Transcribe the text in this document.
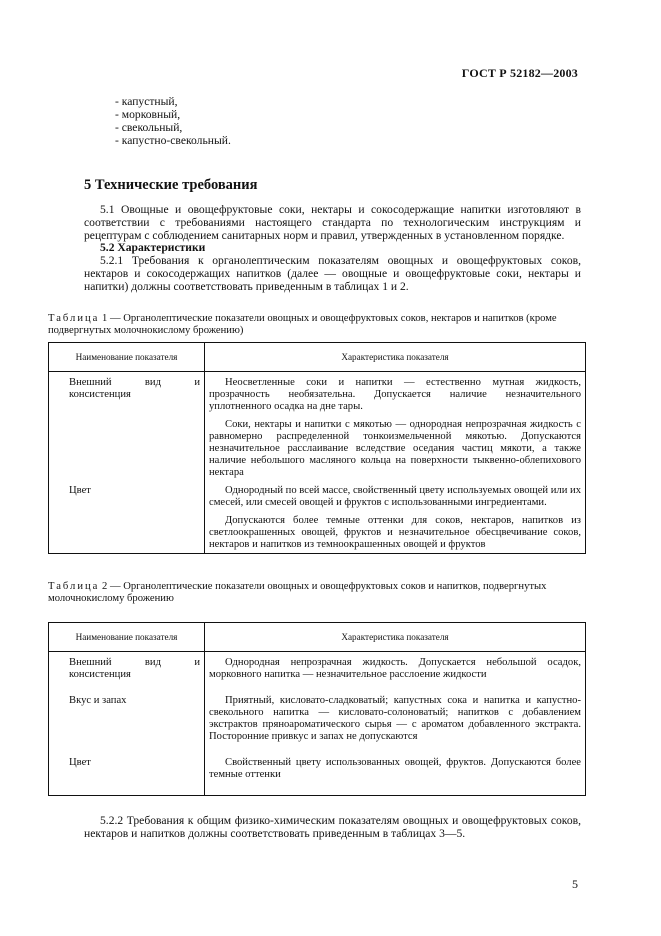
ГОСТ Р 52182—2003
- капустный,
- морковный,
- свекольный,
- капустно-свекольный.
5 Технические требования

5.1 Овощные и овощефруктовые соки, нектары и сокосодержащие напитки изготовляют в соответствии с требованиями настоящего стандарта по технологическим инструкциям и рецептурам с соблюдением санитарных норм и правил, утвержденных в установленном порядке.

5.2 Характеристики

5.2.1 Требования к органолептическим показателям овощных и овощефруктовых соков, нектаров и сокосодержащих напитков (далее — овощные и овощефруктовые соки, нектары и напитки) должны соответствовать приведенным в таблицах 1 и 2.

Таблица 1 — Органолептические показатели овощных и овощефруктовых соков, нектаров и напитков (кроме подвергнутых молочнокислому брожению)

Наименование показателя	Характеристика показателя

Внешний вид и консистенция	Неосветленные соки и напитки — естественно мутная жидкость, прозрачность необязательна. Допускается наличие незначительного уплотненного осадка на дне тары.

Соки, нектары и напитки с мякотью — однородная непрозрачная жидкость с равномерно распределенной тонкоизмельченной мякотью. Допускаются незначительное расслаивание вследствие оседания частиц мякоти, а также наличие небольшого масляного кольца на поверхности тыквенно-облепихового нектара

Цвет	Однородный по всей массе, свойственный цвету используемых овощей или их смесей, или смесей овощей и фруктов с использованными ингредиентами.

Допускаются более темные оттенки для соков, нектаров, напитков из светлоокрашенных овощей, фруктов и незначительное обесцвечивание соков, нектаров и напитков из темноокрашенных овощей и фруктов

Таблица 2 — Органолептические показатели овощных и овощефруктовых соков и напитков, подвергнутых молочнокислому брожению

Наименование показателя	Характеристика показателя

Внешний вид и консистенция	Однородная непрозрачная жидкость. Допускается небольшой осадок, морковного напитка — незначительное расслоение жидкости

Вкус и запах	Приятный, кисловато-сладковатый; капустных сока и напитка и капустно-свекольного напитка — кисловато-солоноватый; напитков с добавлением экстрактов пряноароматического сырья — с ароматом добавленного экстракта. Посторонние привкус и запах не допускаются

Цвет	Свойственный цвету использованных овощей, фруктов. Допускаются более темные оттенки

5.2.2 Требования к общим физико-химическим показателям овощных и овощефруктовых соков, нектаров и напитков должны соответствовать приведенным в таблицах 3—5.

5
